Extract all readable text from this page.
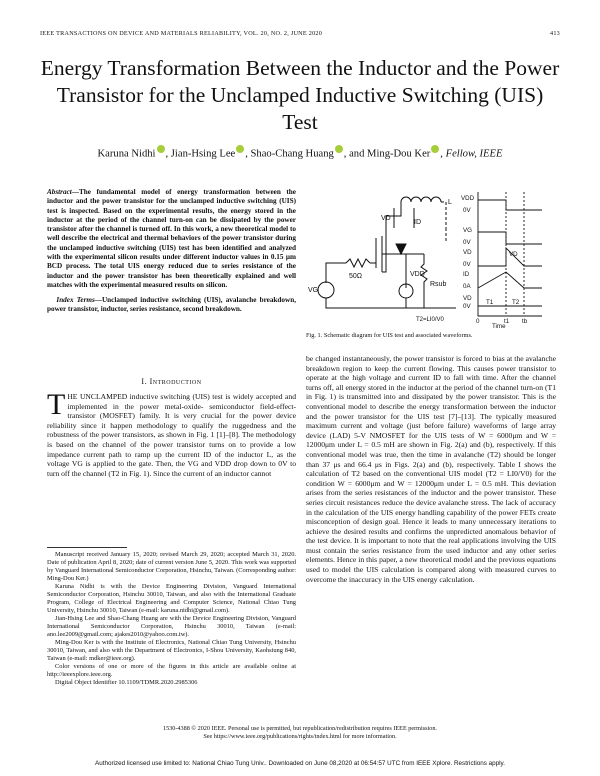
IEEE TRANSACTIONS ON DEVICE AND MATERIALS RELIABILITY, VOL. 20, NO. 2, JUNE 2020	413
Energy Transformation Between the Inductor and the Power Transistor for the Unclamped Inductive Switching (UIS) Test
Karuna Nidhi , Jian-Hsing Lee , Shao-Chang Huang , and Ming-Dou Ker , Fellow, IEEE
Abstract—The fundamental model of energy transformation between the inductor and the power transistor for the unclamped inductive switching (UIS) test is inspected. Based on the experimental results, the energy stored in the inductor at the period of the channel turn-on can be dissipated by the power transistor after the channel is turned off. In this work, a new theoretical model to well describe the electrical and thermal behaviors of the power transistor during the unclamped inductive switching (UIS) test has been identified and analyzed with the experimental silicon results under different inductor values in 0.15 μm BCD process. The total UIS energy reduced due to series resistance of the inductor and the power transistor has been theoretically explained and well matches with the experimental measured results on silicon.
Index Terms—Unclamped inductive switching (UIS), avalanche breakdown, power transistor, inductor, series resistance, second breakdown.
I. Introduction
THE UNCLAMPED inductive switching (UIS) test is widely accepted and implemented in the power metal-oxide- semiconductor field-effect-transistor (MOSFET) family. It is very crucial for the power device reliability since it happen methodology to qualify the ruggedness and the robustness of the power transistors, as shown in Fig. 1 [1]–[8]. The methodology is based on the channel of the power transistor turns on to provide a low impedance current path to ramp up the current ID of the inductor L, as the voltage VG is applied to the gate. Then, the VG and VDD drop down to 0V to turn off the channel (T2 in Fig. 1). Since the current of an inductor cannot
Manuscript received January 15, 2020; revised March 29, 2020; accepted March 31, 2020. Date of publication April 8, 2020; date of current version June 5, 2020. This work was supported by Vanguard International Semiconductor Corporation, Hsinchu, Taiwan. (Corresponding author: Ming-Dou Ker.)
Karuna Nidhi is with the Device Engineering Division, Vanguard International Semiconductor Corporation, Hsinchu 30010, Taiwan, and also with the International Graduate Program, College of Electrical Engineering and Computer Science, National Chiao Tung University, Hsinchu 30010, Taiwan (e-mail: karuna.nidhi@gmail.com).
Jian-Hsing Lee and Shao-Chang Huang are with the Device Engineering Division, Vanguard International Semiconductor Corporation, Hsinchu 30010, Taiwan (e-mail: ano.lee2009@gmail.com; ajakes2010@yahoo.com.tw).
Ming-Dou Ker is with the Institute of Electronics, National Chiao Tung University, Hsinchu 30010, Taiwan, and also with the Department of Electronics, I-Shou University, Kaohsiung 840, Taiwan (e-mail: mdker@ieee.org).
Color versions of one or more of the figures in this article are available online at http://ieeexplore.ieee.org.
Digital Object Identifier 10.1109/TDMR.2020.2985306
L
VD
ID
VG
50Ω	VDD
Rsub
T2=LI0/V0
VDD
0V
VG
0V
VD
0V
ID
0A
VD
0V
T1	T2
VD
0	t1 tb
Time
Fig. 1. Schematic diagram for UIS test and associated waveforms.
be changed instantaneously, the power transistor is forced to bias at the avalanche breakdown region to keep the current flowing. This causes power transistor to operate at the high voltage and current ID to fall with time. After the channel turns off, all energy stored in the inductor at the period of the channel turn-on (T1 in Fig. 1) is transmitted into and dissipated by the power transistor. This is the conventional model to describe the energy transformation between the inductor and the power transistor for the UIS test [7]–[13]. The typically measured maximum current and voltage (just before failure) waveforms of large array device (LAD) 5-V NMOSFET for the UIS tests of W = 6000μm and W = 12000μm under L = 0.5 mH are shown in Fig. 2(a) and (b), respectively. If this conventional model was true, then the time in avalanche (T2) should be longer than 37 μs and 66.4 μs in Figs. 2(a) and (b), respectively. Table I shows the calculation of T2 based on the conventional UIS model (T2 = LI0/V0) for the condition W = 6000μm and W = 12000μm under L = 0.5 mH. This deviation arises from the series resistances of the inductor and the power transistor. These series circuit resistances reduce the device avalanche stress. The lack of accuracy in the calculation of the UIS energy handling capability of the power FETs create misconception of design goal. Hence it leads to many unnecessary iterations to achieve the desired results and confirms the unpredicted anomalous behavior of the test device. It is important to note that the real applications involving the UIS must contain the series resistance from the used inductor and any other series elements. Hence in this paper, a new theoretical model and the previous equations used to model the UIS calculation is compared along with measured curves to overcome the inaccuracy in the UIS energy calculation.
1530-4388 © 2020 IEEE. Personal use is permitted, but republication/redistribution requires IEEE permission.
See https://www.ieee.org/publications/rights/index.html for more information.
Authorized licensed use limited to: National Chiao Tung Univ.. Downloaded on June 08,2020 at 06:54:57 UTC from IEEE Xplore. Restrictions apply.
